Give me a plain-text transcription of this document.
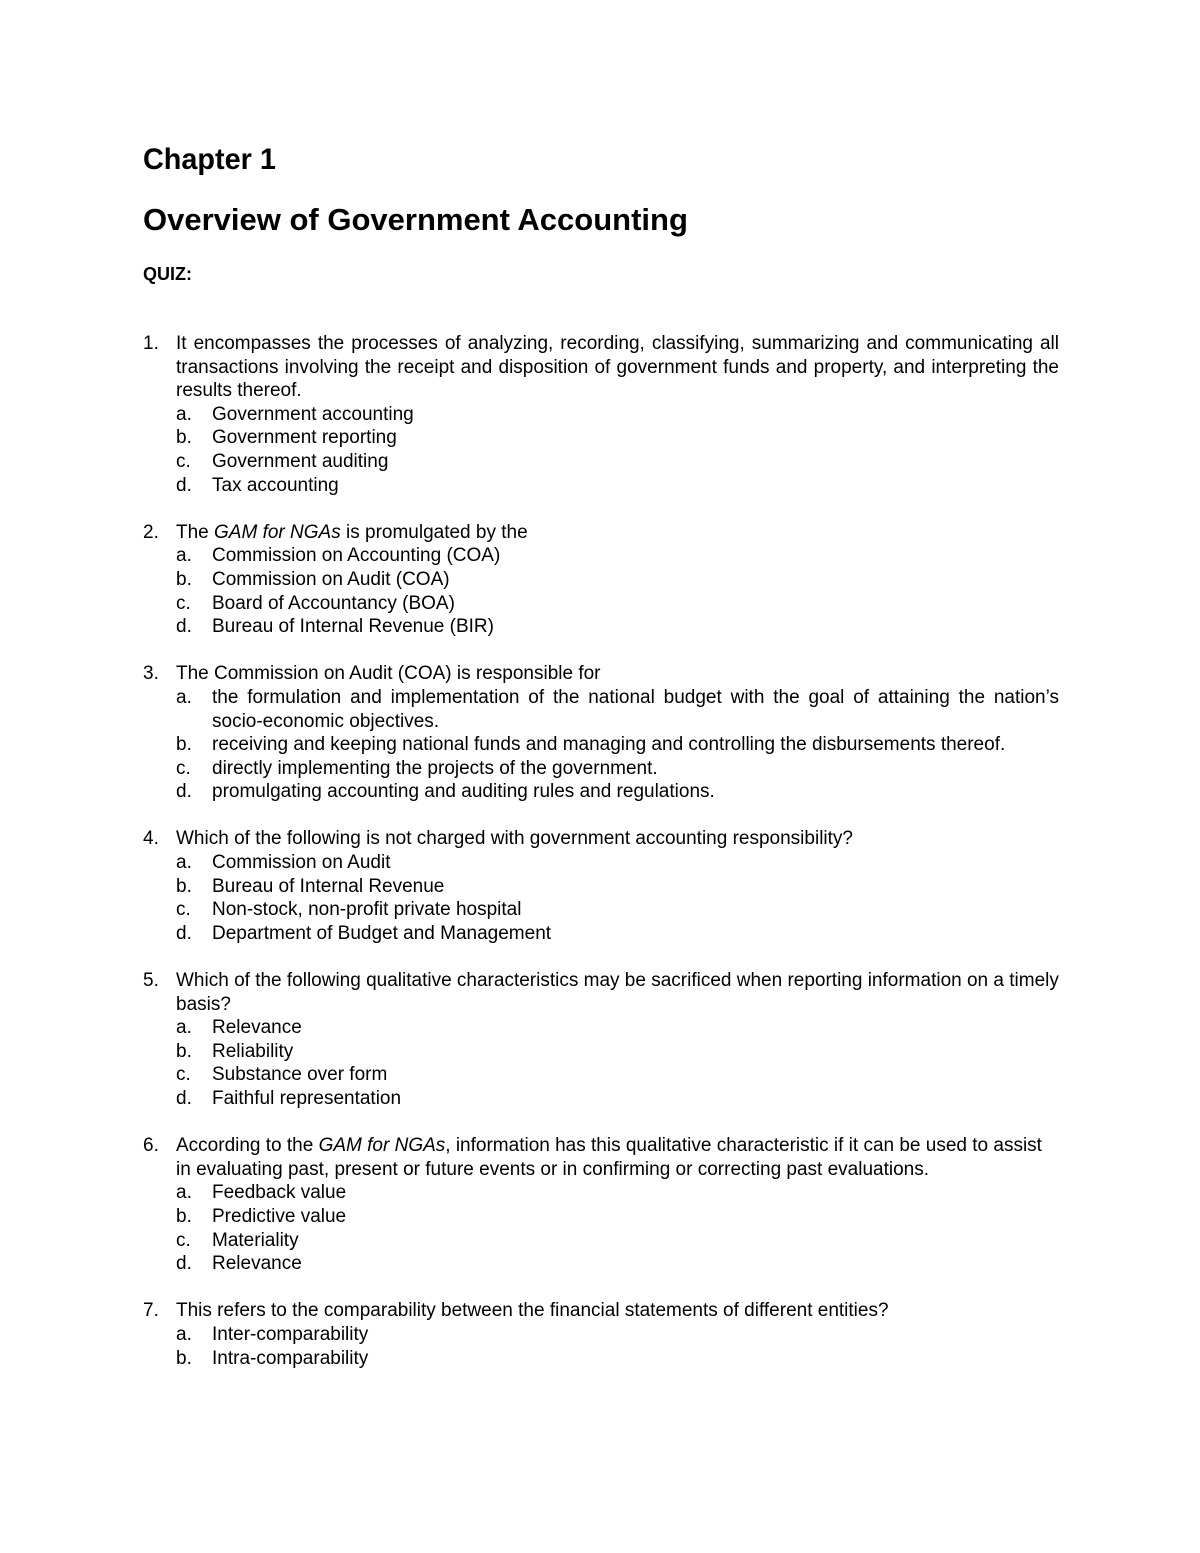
Chapter 1
Overview of Government Accounting
QUIZ:
1. It encompasses the processes of analyzing, recording, classifying, summarizing and communicating all transactions involving the receipt and disposition of government funds and property, and interpreting the results thereof.
a. Government accounting
b. Government reporting
c. Government auditing
d. Tax accounting
2. The GAM for NGAs is promulgated by the
a. Commission on Accounting (COA)
b. Commission on Audit (COA)
c. Board of Accountancy (BOA)
d. Bureau of Internal Revenue (BIR)
3. The Commission on Audit (COA) is responsible for
a. the formulation and implementation of the national budget with the goal of attaining the nation’s socio-economic objectives.
b. receiving and keeping national funds and managing and controlling the disbursements thereof.
c. directly implementing the projects of the government.
d. promulgating accounting and auditing rules and regulations.
4. Which of the following is not charged with government accounting responsibility?
a. Commission on Audit
b. Bureau of Internal Revenue
c. Non-stock, non-profit private hospital
d. Department of Budget and Management
5. Which of the following qualitative characteristics may be sacrificed when reporting information on a timely basis?
a. Relevance
b. Reliability
c. Substance over form
d. Faithful representation
6. According to the GAM for NGAs, information has this qualitative characteristic if it can be used to assist in evaluating past, present or future events or in confirming or correcting past evaluations.
a. Feedback value
b. Predictive value
c. Materiality
d. Relevance
7. This refers to the comparability between the financial statements of different entities?
a. Inter-comparability
b. Intra-comparability
